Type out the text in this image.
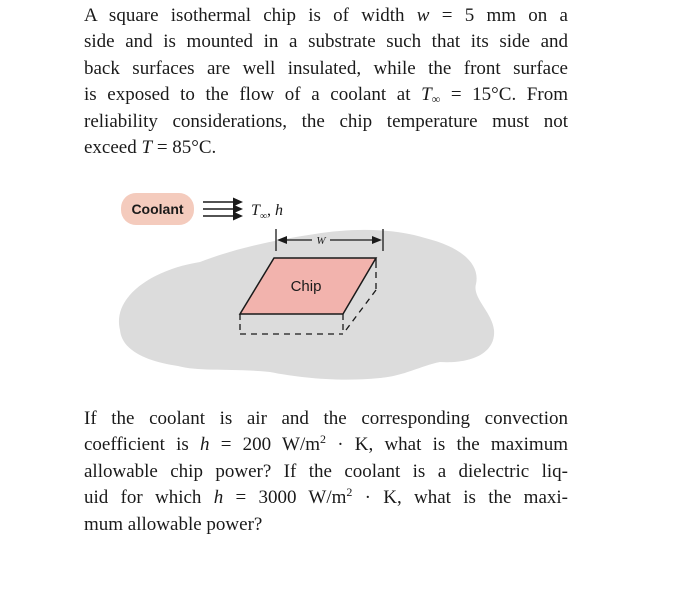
A square isothermal chip is of width w = 5 mm on a
side and is mounted in a substrate such that its side and
back surfaces are well insulated, while the front surface
is exposed to the flow of a coolant at $T_\infty = 15^\circ C$. From
reliability considerations, the chip temperature must not
exceed T = 85°C.
Coolant	$T_\infty$, h
W
Chip
If the coolant is air and the corresponding convection
coefficient is h = 200 $W/m^2 \cdot K$, what is the maximum
allowable chip power? If the coolant is a dielectric liq-
uid for which h = 3000 $W/m^2 \cdot K$, what is the maxi-
mum allowable power?
